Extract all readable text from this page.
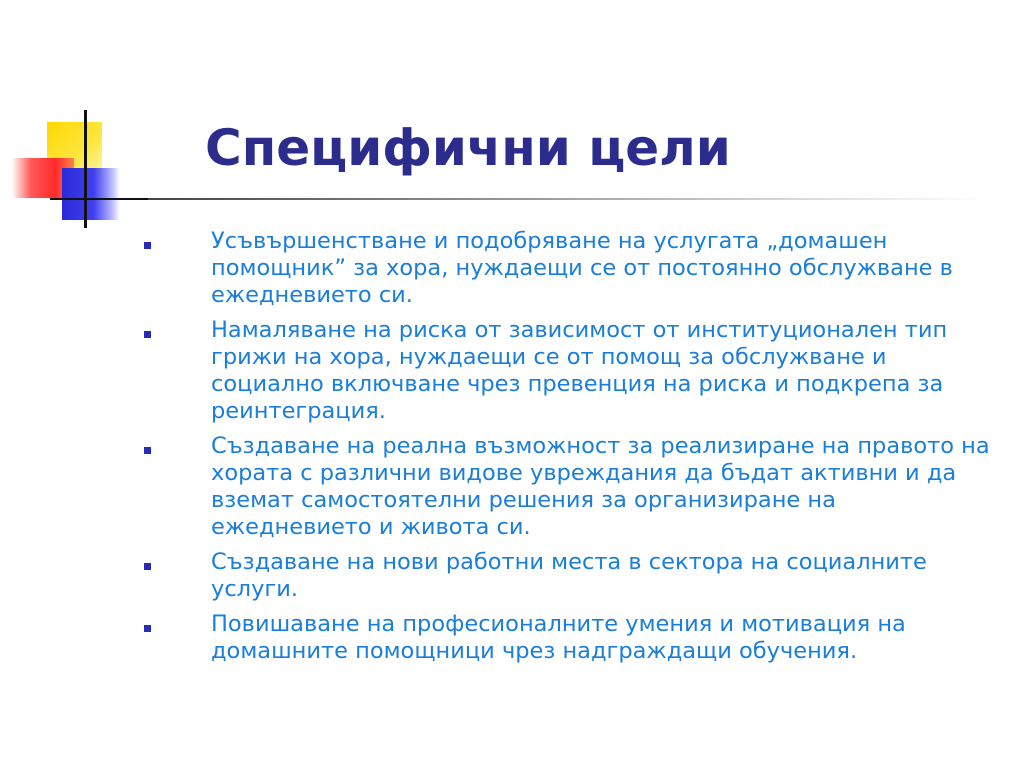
Специфични цели
Усъвършенстване и подобряване на услугата „домашен помощник” за хора, нуждаещи се от постоянно обслужване в ежедневието си.
Намаляване на риска от зависимост от институционален тип грижи на хора, нуждаещи се от помощ за обслужване и социално включване чрез превенция на риска и подкрепа за реинтеграция.
Създаване на реална възможност за реализиране на правото на хората с различни видове увреждания да бъдат активни и да вземат самостоятелни решения за организиране на ежедневието и живота си.
Създаване на нови работни места в сектора на социалните услуги.
Повишаване на професионалните умения и мотивация на домашните помощници чрез надграждащи обучения.
